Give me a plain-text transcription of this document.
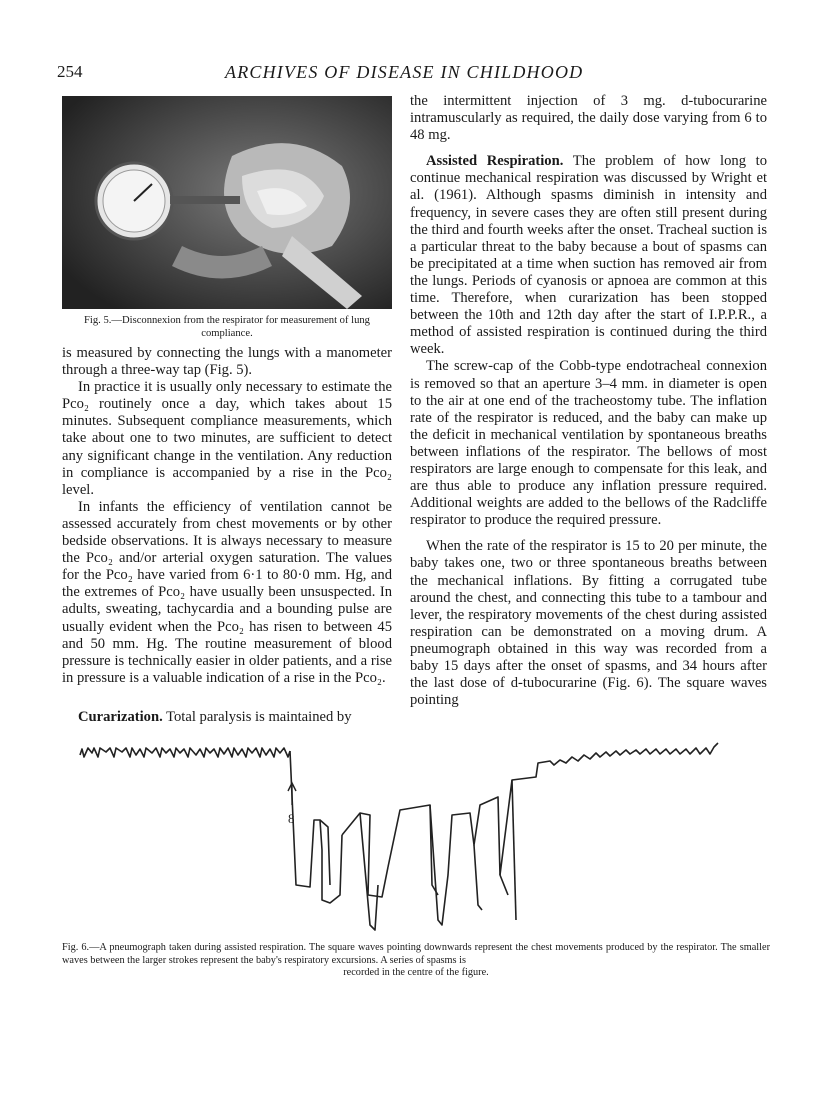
254	ARCHIVES OF DISEASE IN CHILDHOOD
Fig. 5.—Disconnexion from the respirator for measurement of lung compliance.

is measured by connecting the lungs with a manometer through a three-way tap (Fig. 5).

In practice it is usually only necessary to estimate the Pco₂ routinely once a day, which takes about 15 minutes. Subsequent compliance measurements, which take about one to two minutes, are sufficient to detect any significant change in the ventilation. Any reduction in compliance is accompanied by a rise in the Pco₂ level.

In infants the efficiency of ventilation cannot be assessed accurately from chest movements or by other bedside observations. It is always necessary to measure the Pco₂ and/or arterial oxygen saturation. The values for the Pco₂ have varied from 6·1 to 80·0 mm. Hg, and the extremes of Pco₂ have usually been unsuspected. In adults, sweating, tachycardia and a bounding pulse are usually evident when the Pco₂ has risen to between 45 and 50 mm. Hg. The routine measurement of blood pressure is technically easier in older patients, and a rise in pressure is a valuable indication of a rise in the Pco₂.

Curarization. Total paralysis is maintained by

the intermittent injection of 3 mg. d-tubocurarine intramuscularly as required, the daily dose varying from 6 to 48 mg.

Assisted Respiration. The problem of how long to continue mechanical respiration was discussed by Wright et al. (1961). Although spasms diminish in intensity and frequency, in severe cases they are often still present during the third and fourth weeks after the onset. Tracheal suction is a particular threat to the baby because a bout of spasms can be precipitated at a time when suction has removed air from the lungs. Periods of cyanosis or apnoea are common at this time. Therefore, when curarization has been stopped between the 10th and 12th day after the start of I.P.P.R., a method of assisted respiration is continued during the third week.

The screw-cap of the Cobb-type endotracheal connexion is removed so that an aperture 3–4 mm. in diameter is open to the air at one end of the tracheostomy tube. The inflation rate of the respirator is reduced, and the baby can make up the deficit in mechanical ventilation by spontaneous breaths between inflations of the respirator. The bellows of most respirators are large enough to compensate for this leak, and are thus able to produce any inflation pressure required. Additional weights are added to the bellows of the Radcliffe respirator to produce the required pressure.

When the rate of the respirator is 15 to 20 per minute, the baby takes one, two or three spontaneous breaths between the mechanical inflations. By fitting a corrugated tube around the chest, and connecting this tube to a tambour and lever, the respiratory movements of the chest during assisted respiration can be demonstrated on a moving drum. A pneumograph obtained in this way was recorded from a baby 15 days after the onset of spasms, and 34 hours after the last dose of d-tubocurarine (Fig. 6). The square waves pointing

8
Fig. 6.—A pneumograph taken during assisted respiration. The square waves pointing downwards represent the chest movements produced by the respirator. The smaller waves between the larger strokes represent the baby's respiratory excursions. A series of spasms is
recorded in the centre of the figure.
